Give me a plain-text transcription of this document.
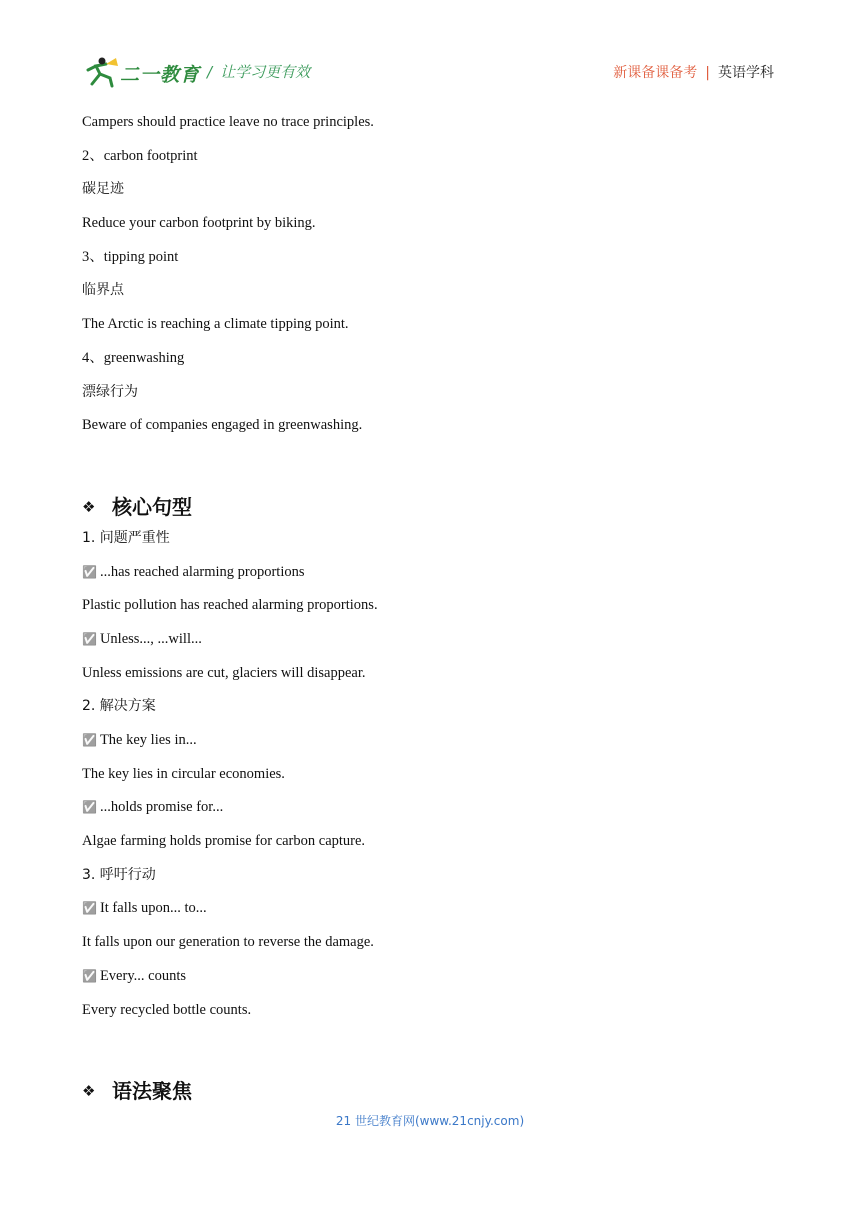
二一教育 / 让学习更有效	新课备课备考 | 英语学科
Campers should practice leave no trace principles.
2、carbon footprint
碳足迹
Reduce your carbon footprint by biking.
3、tipping point
临界点
The Arctic is reaching a climate tipping point.
4、greenwashing
漂绿行为
Beware of companies engaged in greenwashing.
❖ 核心句型
1. 问题严重性
✅ ...has reached alarming proportions
Plastic pollution has reached alarming proportions.
✅ Unless..., ...will...
Unless emissions are cut, glaciers will disappear.
2. 解决方案
✅ The key lies in...
The key lies in circular economies.
✅ ...holds promise for...
Algae farming holds promise for carbon capture.
3. 呼吁行动
✅ It falls upon... to...
It falls upon our generation to reverse the damage.
✅ Every... counts
Every recycled bottle counts.
❖ 语法聚焦
21 世纪教育网(www.21cnjy.com)
